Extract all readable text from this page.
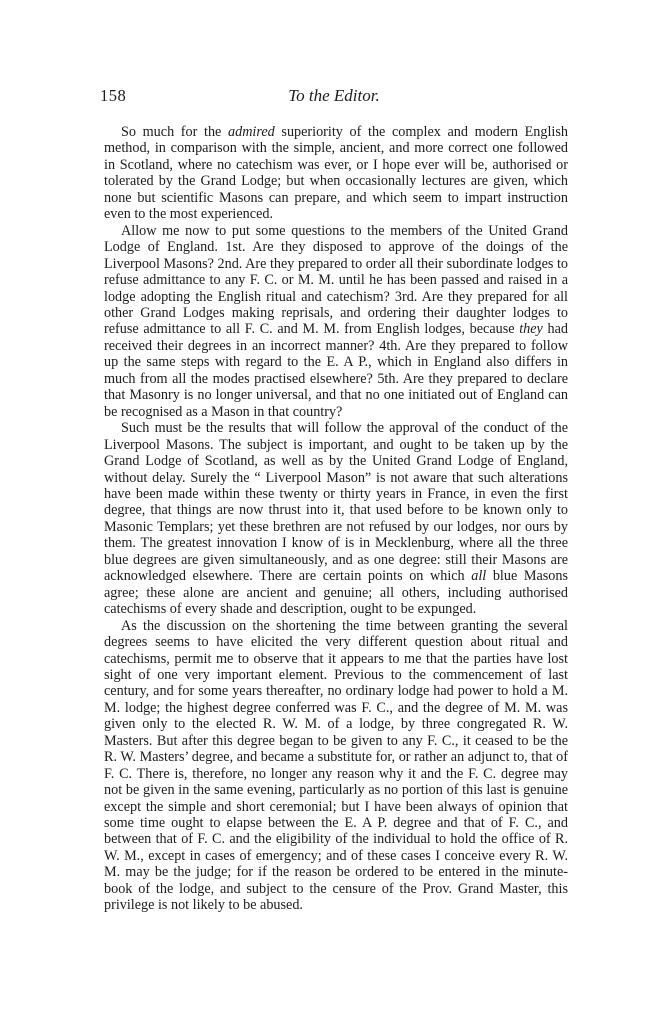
158	To the Editor.

So much for the admired superiority of the complex and modern English method, in comparison with the simple, ancient, and more correct one followed in Scotland, where no catechism was ever, or I hope ever will be, authorised or tolerated by the Grand Lodge; but when occasionally lectures are given, which none but scientific Masons can prepare, and which seem to impart instruction even to the most experienced.

Allow me now to put some questions to the members of the United Grand Lodge of England. 1st. Are they disposed to approve of the doings of the Liverpool Masons? 2nd. Are they prepared to order all their subordinate lodges to refuse admittance to any F. C. or M. M. until he has been passed and raised in a lodge adopting the English ritual and catechism? 3rd. Are they prepared for all other Grand Lodges making reprisals, and ordering their daughter lodges to refuse admittance to all F. C. and M. M. from English lodges, because they had received their degrees in an incorrect manner? 4th. Are they prepared to follow up the same steps with regard to the E. A P., which in England also differs in much from all the modes practised elsewhere? 5th. Are they prepared to declare that Masonry is no longer universal, and that no one initiated out of England can be recognised as a Mason in that country?

Such must be the results that will follow the approval of the conduct of the Liverpool Masons. The subject is important, and ought to be taken up by the Grand Lodge of Scotland, as well as by the United Grand Lodge of England, without delay. Surely the “ Liverpool Mason” is not aware that such alterations have been made within these twenty or thirty years in France, in even the first degree, that things are now thrust into it, that used before to be known only to Masonic Templars; yet these brethren are not refused by our lodges, nor ours by them. The greatest innovation I know of is in Mecklenburg, where all the three blue degrees are given simultaneously, and as one degree: still their Masons are acknowledged elsewhere. There are certain points on which all blue Masons agree; these alone are ancient and genuine; all others, including authorised catechisms of every shade and description, ought to be expunged.

As the discussion on the shortening the time between granting the several degrees seems to have elicited the very different question about ritual and catechisms, permit me to observe that it appears to me that the parties have lost sight of one very important element. Previous to the commencement of last century, and for some years thereafter, no ordinary lodge had power to hold a M. M. lodge; the highest degree conferred was F. C., and the degree of M. M. was given only to the elected R. W. M. of a lodge, by three congregated R. W. Masters. But after this degree began to be given to any F. C., it ceased to be the R. W. Masters’ degree, and became a substitute for, or rather an adjunct to, that of F. C. There is, therefore, no longer any reason why it and the F. C. degree may not be given in the same evening, particularly as no portion of this last is genuine except the simple and short ceremonial; but I have been always of opinion that some time ought to elapse between the E. A P. degree and that of F. C., and between that of F. C. and the eligibility of the individual to hold the office of R. W. M., except in cases of emergency; and of these cases I conceive every R. W. M. may be the judge; for if the reason be ordered to be entered in the minute-book of the lodge, and subject to the censure of the Prov. Grand Master, this privilege is not likely to be abused.
